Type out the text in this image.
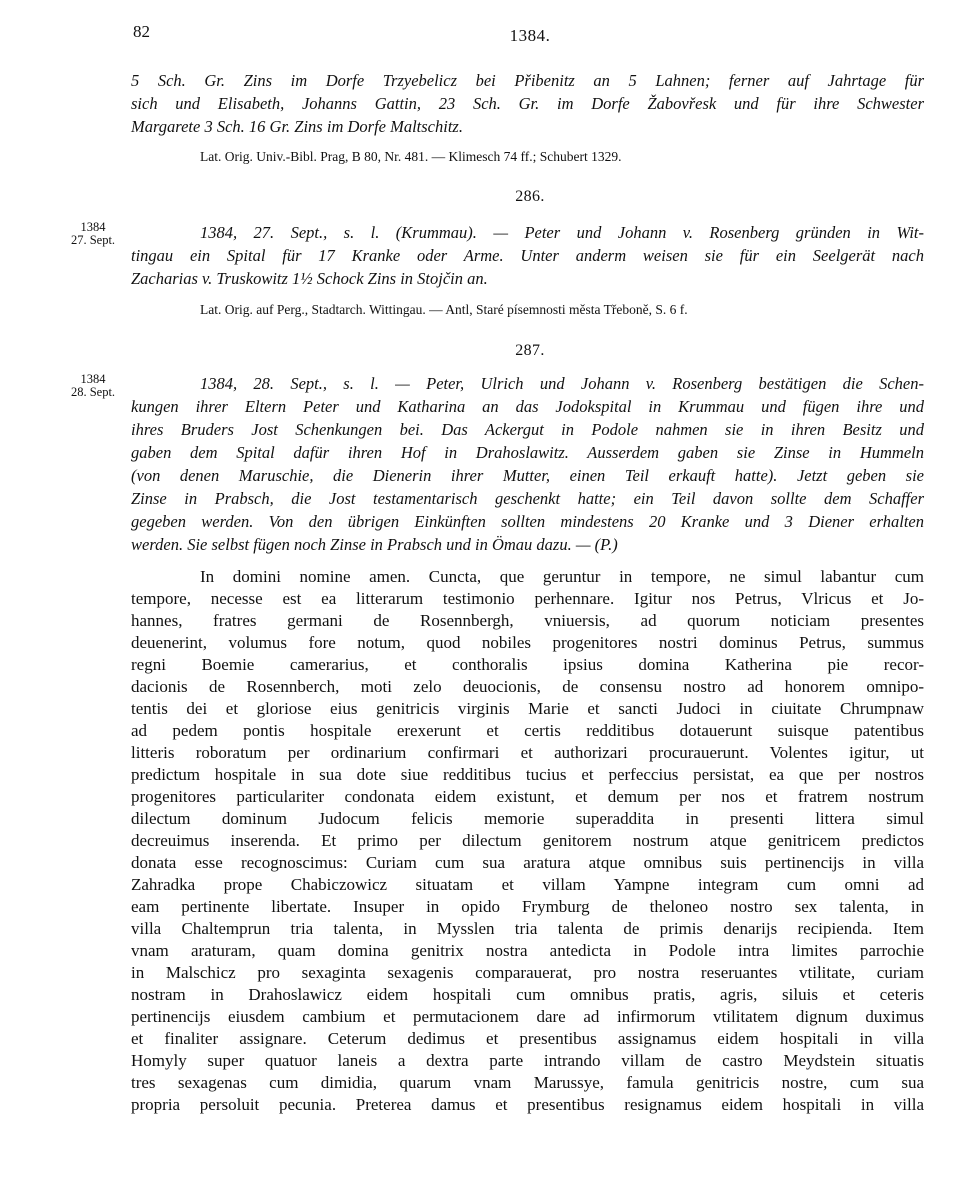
82	1384.
5 Sch. Gr. Zins im Dorfe Trzyebelicz bei Přibenitz an 5 Lahnen; ferner auf Jahrtage für
sich und Elisabeth, Johanns Gattin, 23 Sch. Gr. im Dorfe Žabovřesk und für ihre Schwester
Margarete 3 Sch. 16 Gr. Zins im Dorfe Maltschitz.
Lat. Orig. Univ.-Bibl. Prag, B 80, Nr. 481. — Klimesch 74 ff.; Schubert 1329.
286.
1384
27. Sept.	1384, 27. Sept., s. l. (Krummau). — Peter und Johann v. Rosenberg gründen in Wit-
tingau ein Spital für 17 Kranke oder Arme. Unter anderm weisen sie für ein Seelgerät nach
Zacharias v. Truskowitz 1½ Schock Zins in Stojčin an.
Lat. Orig. auf Perg., Stadtarch. Wittingau. — Antl, Staré písemnosti města Třeboně, S. 6 f.
287.
1384
28. Sept.	1384, 28. Sept., s. l. — Peter, Ulrich und Johann v. Rosenberg bestätigen die Schen-
kungen ihrer Eltern Peter und Katharina an das Jodokspital in Krummau und fügen ihre und
ihres Bruders Jost Schenkungen bei. Das Ackergut in Podole nahmen sie in ihren Besitz und
gaben dem Spital dafür ihren Hof in Drahoslawitz. Ausserdem gaben sie Zinse in Hummeln
(von denen Maruschie, die Dienerin ihrer Mutter, einen Teil erkauft hatte). Jetzt geben sie
Zinse in Prabsch, die Jost testamentarisch geschenkt hatte; ein Teil davon sollte dem Schaffer
gegeben werden. Von den übrigen Einkünften sollten mindestens 20 Kranke und 3 Diener erhalten
werden. Sie selbst fügen noch Zinse in Prabsch und in Ömau dazu. — (P.)
In domini nomine amen. Cuncta, que geruntur in tempore, ne simul labantur cum
tempore, necesse est ea litterarum testimonio perhennare. Igitur nos Petrus, Vlricus et Jo-
hannes, fratres germani de Rosennbergh, vniuersis, ad quorum noticiam presentes
deuenerint, volumus fore notum, quod nobiles progenitores nostri dominus Petrus, summus
regni Boemie camerarius, et conthoralis ipsius domina Katherina pie recor-
dacionis de Rosennberch, moti zelo deuocionis, de consensu nostro ad honorem omnipo-
tentis dei et gloriose eius genitricis virginis Marie et sancti Judoci in ciuitate Chrumpnaw
ad pedem pontis hospitale erexerunt et certis redditibus dotauerunt suisque patentibus
litteris roboratum per ordinarium confirmari et authorizari procurauerunt. Volentes igitur, ut
predictum hospitale in sua dote siue redditibus tucius et perfeccius persistat, ea que per nostros
progenitores particulariter condonata eidem existunt, et demum per nos et fratrem nostrum
dilectum dominum Judocum felicis memorie superaddita in presenti littera simul
decreuimus inserenda. Et primo per dilectum genitorem nostrum atque genitricem predictos
donata esse recognoscimus: Curiam cum sua aratura atque omnibus suis pertinencijs in villa
Zahradka prope Chabiczowicz situatam et villam Yampne integram cum omni ad
eam pertinente libertate. Insuper in opido Frymburg de theloneo nostro sex talenta, in
villa Chaltemprun tria talenta, in Mysslen tria talenta de primis denarijs recipienda. Item
vnam araturam, quam domina genitrix nostra antedicta in Podole intra limites parrochie
in Malschicz pro sexaginta sexagenis comparauerat, pro nostra reseruantes vtilitate, curiam
nostram in Drahoslawicz eidem hospitali cum omnibus pratis, agris, siluis et ceteris
pertinencijs eiusdem cambium et permutacionem dare ad infirmorum vtilitatem dignum duximus
et finaliter assignare. Ceterum dedimus et presentibus assignamus eidem hospitali in villa
Homyly super quatuor laneis a dextra parte intrando villam de castro Meydstein situatis
tres sexagenas cum dimidia, quarum vnam Marussye, famula genitricis nostre, cum sua
propria persoluit pecunia. Preterea damus et presentibus resignamus eidem hospitali in villa
